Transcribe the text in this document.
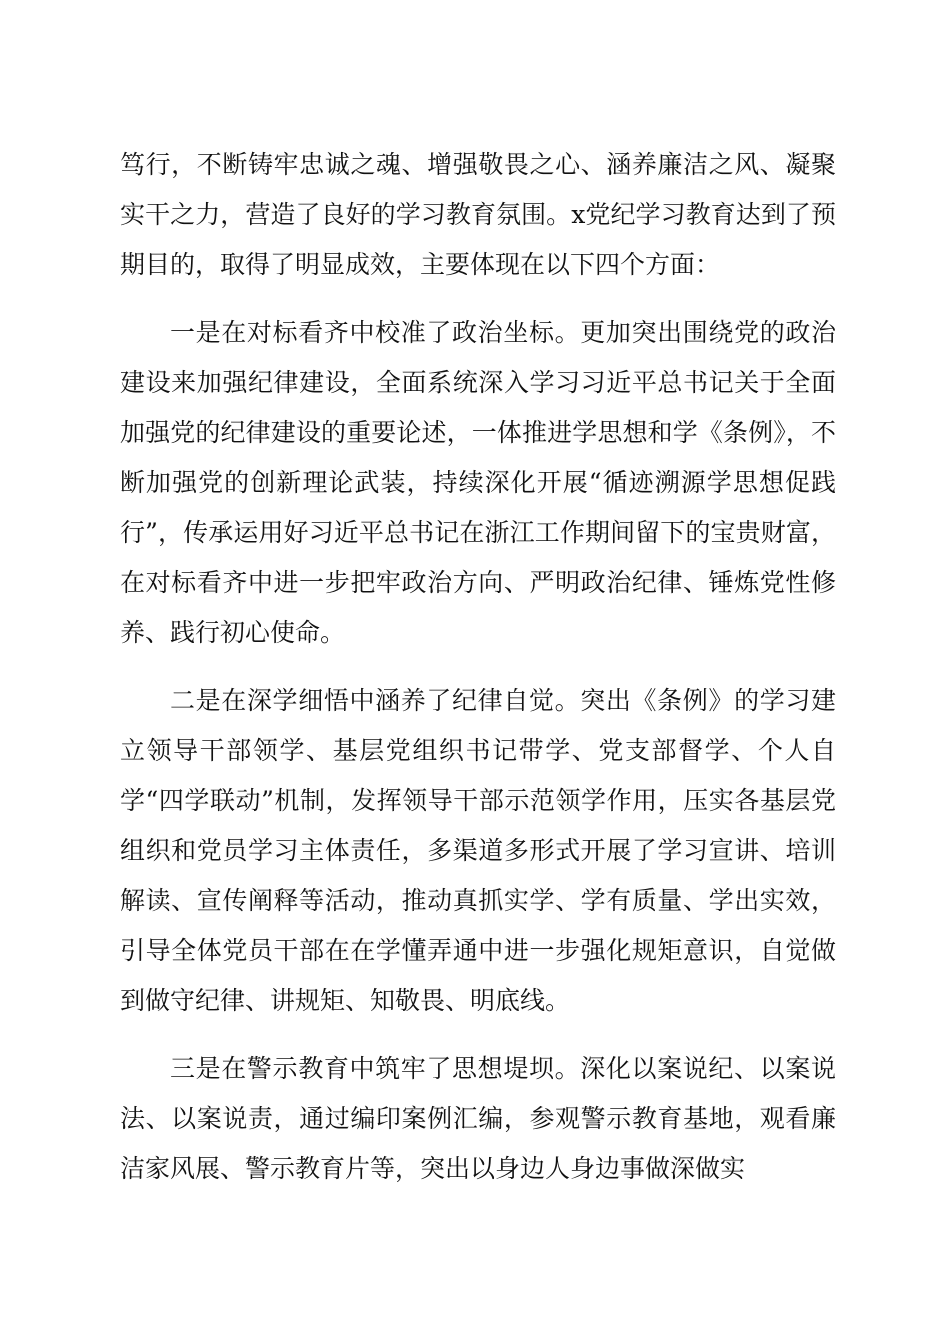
笃行，不断铸牢忠诚之魂、增强敬畏之心、涵养廉洁之风、凝聚实干之力，营造了良好的学习教育氛围。x党纪学习教育达到了预期目的，取得了明显成效，主要体现在以下四个方面：

一是在对标看齐中校准了政治坐标。更加突出围绕党的政治建设来加强纪律建设，全面系统深入学习习近平总书记关于全面加强党的纪律建设的重要论述，一体推进学思想和学《条例》，不断加强党的创新理论武装，持续深化开展“循迹溯源学思想促践行”，传承运用好习近平总书记在浙江工作期间留下的宝贵财富，在对标看齐中进一步把牢政治方向、严明政治纪律、锤炼党性修养、践行初心使命。

二是在深学细悟中涵养了纪律自觉。突出《条例》的学习建立领导干部领学、基层党组织书记带学、党支部督学、个人自学“四学联动”机制，发挥领导干部示范领学作用，压实各基层党组织和党员学习主体责任，多渠道多形式开展了学习宣讲、培训解读、宣传阐释等活动，推动真抓实学、学有质量、学出实效，引导全体党员干部在在学懂弄通中进一步强化规矩意识，自觉做到做守纪律、讲规矩、知敬畏、明底线。

三是在警示教育中筑牢了思想堤坝。深化以案说纪、以案说法、以案说责，通过编印案例汇编，参观警示教育基地，观看廉洁家风展、警示教育片等，突出以身边人身边事做深做实
